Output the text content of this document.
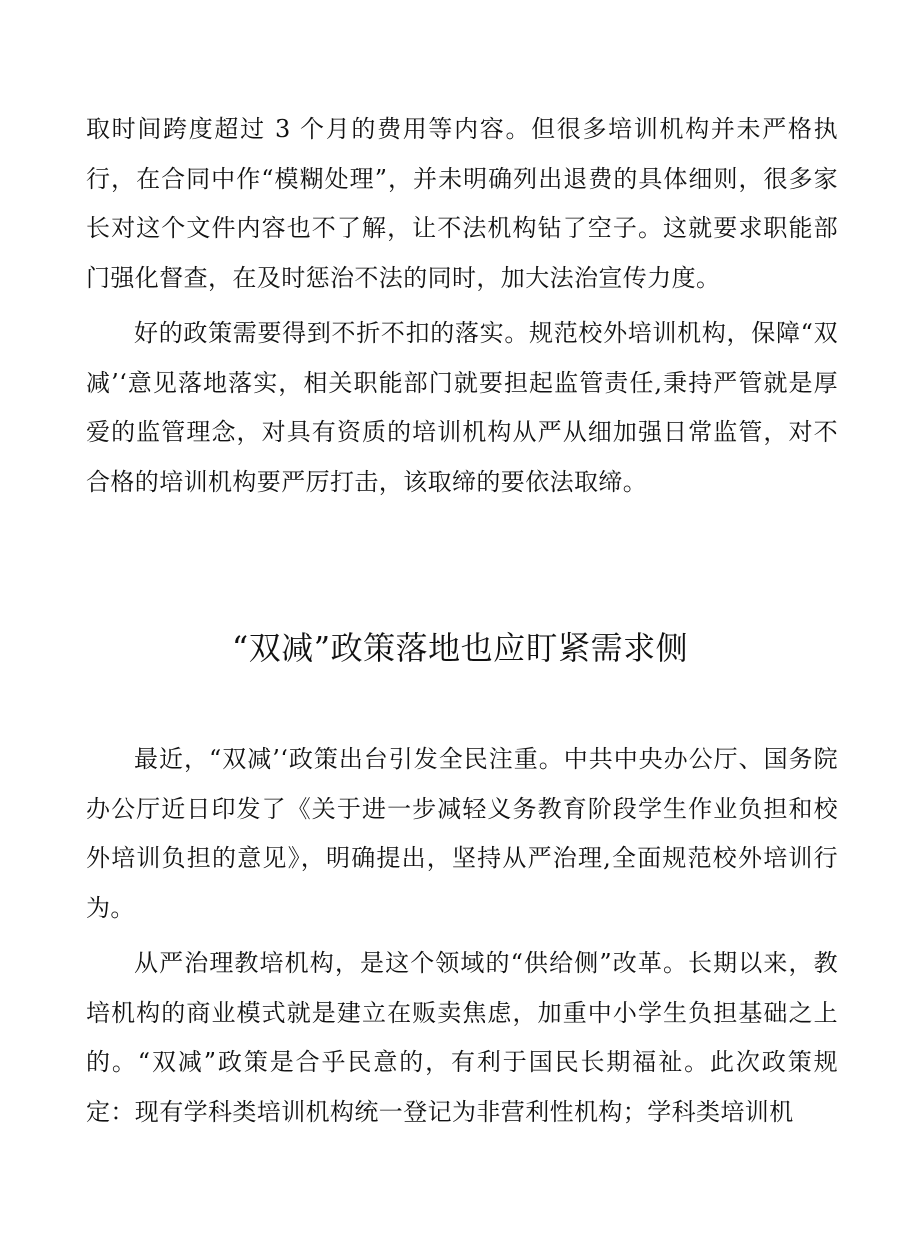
取时间跨度超过 3 个月的费用等内容。但很多培训机构并未严格执行，在合同中作“模糊处理”，并未明确列出退费的具体细则，很多家长对这个文件内容也不了解，让不法机构钻了空子。这就要求职能部门强化督查，在及时惩治不法的同时，加大法治宣传力度。

好的政策需要得到不折不扣的落实。规范校外培训机构，保障“双减’‘意见落地落实，相关职能部门就要担起监管责任,秉持严管就是厚爱的监管理念，对具有资质的培训机构从严从细加强日常监管，对不合格的培训机构要严厉打击，该取缔的要依法取缔。

“双减”政策落地也应盯紧需求侧

最近，“双减’‘政策出台引发全民注重。中共中央办公厅、国务院办公厅近日印发了《关于进一步减轻义务教育阶段学生作业负担和校外培训负担的意见》，明确提出，坚持从严治理,全面规范校外培训行为。

从严治理教培机构，是这个领域的“供给侧”改革。长期以来，教培机构的商业模式就是建立在贩卖焦虑，加重中小学生负担基础之上的。“双减”政策是合乎民意的，有利于国民长期福祉。此次政策规定：现有学科类培训机构统一登记为非营利性机构；学科类培训机
